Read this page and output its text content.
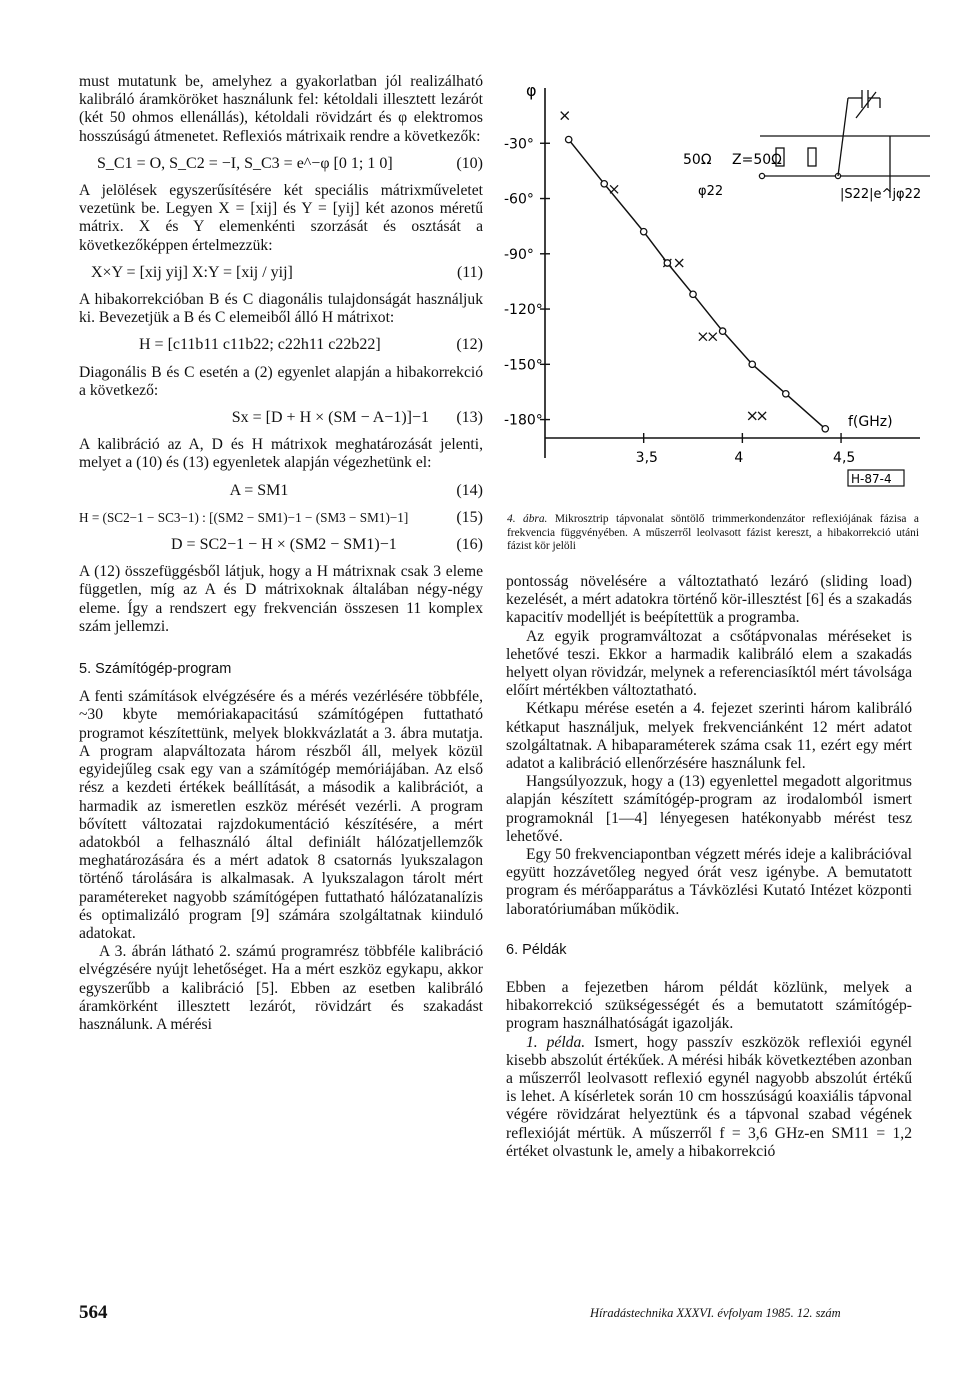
must mutatunk be, amelyhez a gyakorlatban jól realizálható kalibráló áramköröket használunk fel: kétoldali illesztett lezárót (két 50 ohmos ellenállás), kétoldali rövidzárt és φ elektromos hosszúságú átmenetet. Reflexiós mátrixaik rendre a következők:

S_C1 = O, S_C2 = −I, S_C3 = e^−φ [0 1; 1 0]	(10)

A jelölések egyszerűsítésére két speciális mátrixműveletet vezetünk be. Legyen X = [xij] és Y = [yij] két azonos méretű mátrix. X és Y elemenkénti szorzását és osztását a következőképpen értelmezzük:

X×Y = [xij yij] X:Y = [xij / yij]	(11)

A hibakorrekcióban B és C diagonális tulajdonságát használjuk ki. Bevezetjük a B és C elemeiből álló H mátrixot:

H = [c11b11 c11b22; c22h11 c22b22]	(12)

Diagonális B és C esetén a (2) egyenlet alapján a hibakorrekció a következő:

Sx = [D + H × (SM − A−1)]−1	(13)

A kalibráció az A, D és H mátrixok meghatározását jelenti, melyet a (10) és (13) egyenletek alapján végezhetünk el:

A = SM1	(14)
H = (SC2−1 − SC3−1) : [(SM2 − SM1)−1 − (SM3 − SM1)−1]	(15)
D = SC2−1 − H × (SM2 − SM1)−1	(16)

A (12) összefüggésből látjuk, hogy a H mátrixnak csak 3 eleme független, míg az A és D mátrixoknak általában négy-négy eleme. Így a rendszert egy frekvencián összesen 11 komplex szám jellemzi.

5. Számítógép-program

A fenti számítások elvégzésére és a mérés vezérlésére többféle, ~30 kbyte memóriakapacitású számítógépen futtatható programot készítettünk, melyek blokkvázlatát a 3. ábra mutatja. A program alapváltozata három részből áll, melyek közül egyidejűleg csak egy van a számítógép memóriájában. Az első rész a kezdeti értékek beállítását, a második a kalibrációt, a harmadik az ismeretlen eszköz mérését vezérli. A program bővített változatai rajzdokumentáció készítésére, a mért adatokból a felhasználó által definiált hálózatjellemzők meghatározására és a mért adatok 8 csatornás lyukszalagon történő tárolására is alkalmasak. A lyukszalagon tárolt mért paramétereket nagyobb számítógépen futtatható hálózatanalízis és optimalizáló program [9] számára szolgáltatnak kiinduló adatokat.

A 3. ábrán látható 2. számú programrész többféle kalibráció elvégzésére nyújt lehetőséget. Ha a mért eszköz egykapu, akkor egyszerűbb a kalibráció [5]. Ebben az esetben kalibráló áramkörként illesztett lezárót, rövidzárt és szakadást használunk. A mérési

φ
-30°
-60°
-90°
-120°
-150°
-180°
3,5	4	4,5
f(GHz)
φ22
50Ω Z=50Ω
|S22|e^jφ22
H-87-4
4. ábra. Mikrosztrip tápvonalat söntölő trimmerkondenzátor reflexiójának fázisa a frekvencia függvényében. A műszerről leolvasott fázist kereszt, a hibakorrekció utáni fázist kör jelöli

pontosság növelésére a változtatható lezáró (sliding load) kezelését, a mért adatokra történő kör-illesztést [6] és a szakadás kapacitív modelljét is beépítettük a programba.

Az egyik programváltozat a csőtápvonalas méréseket is lehetővé teszi. Ekkor a harmadik kalibráló elem a szakadás helyett olyan rövidzár, melynek a referenciasíktól mért távolsága előírt mértékben változtatható.

Kétkapu mérése esetén a 4. fejezet szerinti három kalibráló kétkaput használjuk, melyek frekvenciánként 12 mért adatot szolgáltatnak. A hibaparaméterek száma csak 11, ezért egy mért adatot a kalibráció ellenőrzésére használunk fel.

Hangsúlyozzuk, hogy a (13) egyenlettel megadott algoritmus alapján készített számítógép-program az irodalomból ismert programoknál [1—4] lényegesen hatékonyabb mérést tesz lehetővé.

Egy 50 frekvenciapontban végzett mérés ideje a kalibrációval együtt hozzávetőleg negyed órát vesz igénybe. A bemutatott program és mérőapparátus a Távközlési Kutató Intézet központi laboratóriumában működik.

6. Példák

Ebben a fejezetben három példát közlünk, melyek a hibakorrekció szükségességét és a bemutatott számítógép-program használhatóságát igazolják.

1. példa. Ismert, hogy passzív eszközök reflexiói egynél kisebb abszolút értékűek. A mérési hibák következtében azonban a műszerről leolvasott reflexió egynél nagyobb abszolút értékű is lehet. A kísérletek során 10 cm hosszúságú koaxiális tápvonal végére rövidzárat helyeztünk és a tápvonal szabad végének reflexióját mértük. A műszerről f = 3,6 GHz-en SM11 = 1,2 értéket olvastunk le, amely a hibakorrekció

564	Híradástechnika XXXVI. évfolyam 1985. 12. szám
